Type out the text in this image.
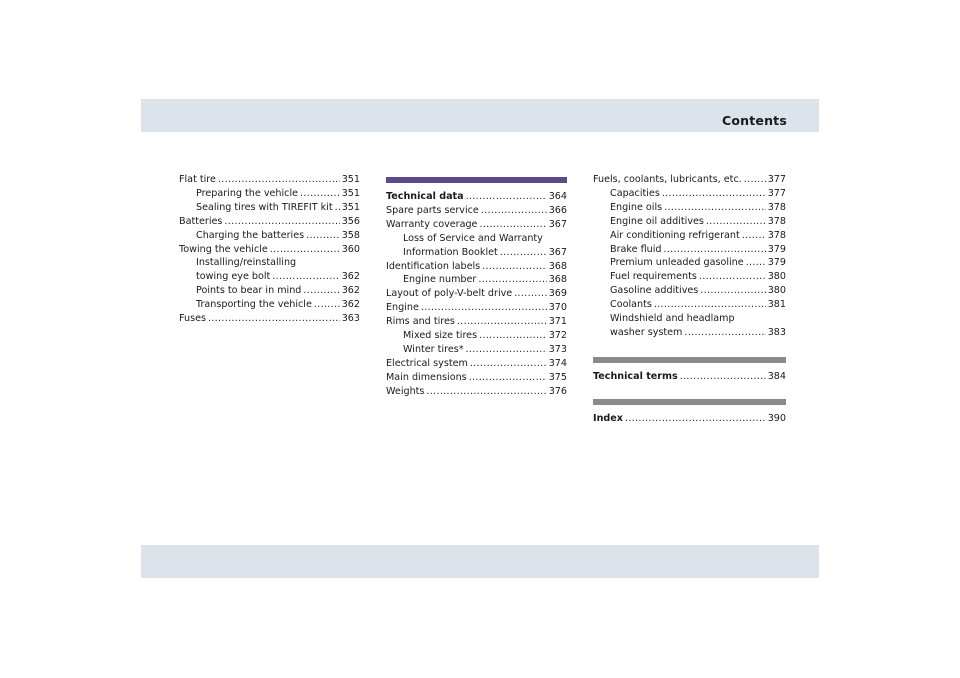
Contents
Flat tire .....	351
Preparing the vehicle .....	351
Sealing tires with TIREFIT kit ..... 351
Batteries .....	356
Charging the batteries .....	358
Towing the vehicle .....	360
Installing/reinstalling
towing eye bolt .....	362
Points to bear in mind .....	362
Transporting the vehicle .....	362
Fuses .....	363
Technical data .....	364
Spare parts service .....	366
Warranty coverage .....	367
Loss of Service and Warranty
Information Booklet .....	367
Identification labels .....	368
Engine number .....	368
Layout of poly-V-belt drive .....	369
Engine .....	370
Rims and tires .....	371
Mixed size tires .....	372
Winter tires* .....	373
Electrical system .....	374
Main dimensions .....	375
Weights .....	376
Fuels, coolants, lubricants, etc. .....	377
Capacities .....	377
Engine oils .....	378
Engine oil additives .....	378
Air conditioning refrigerant .....	378
Brake fluid .....	379
Premium unleaded gasoline .....	379
Fuel requirements .....	380
Gasoline additives .....	380
Coolants .....	381
Windshield and headlamp
washer system .....	383
Technical terms .....	384
Index .....	390
